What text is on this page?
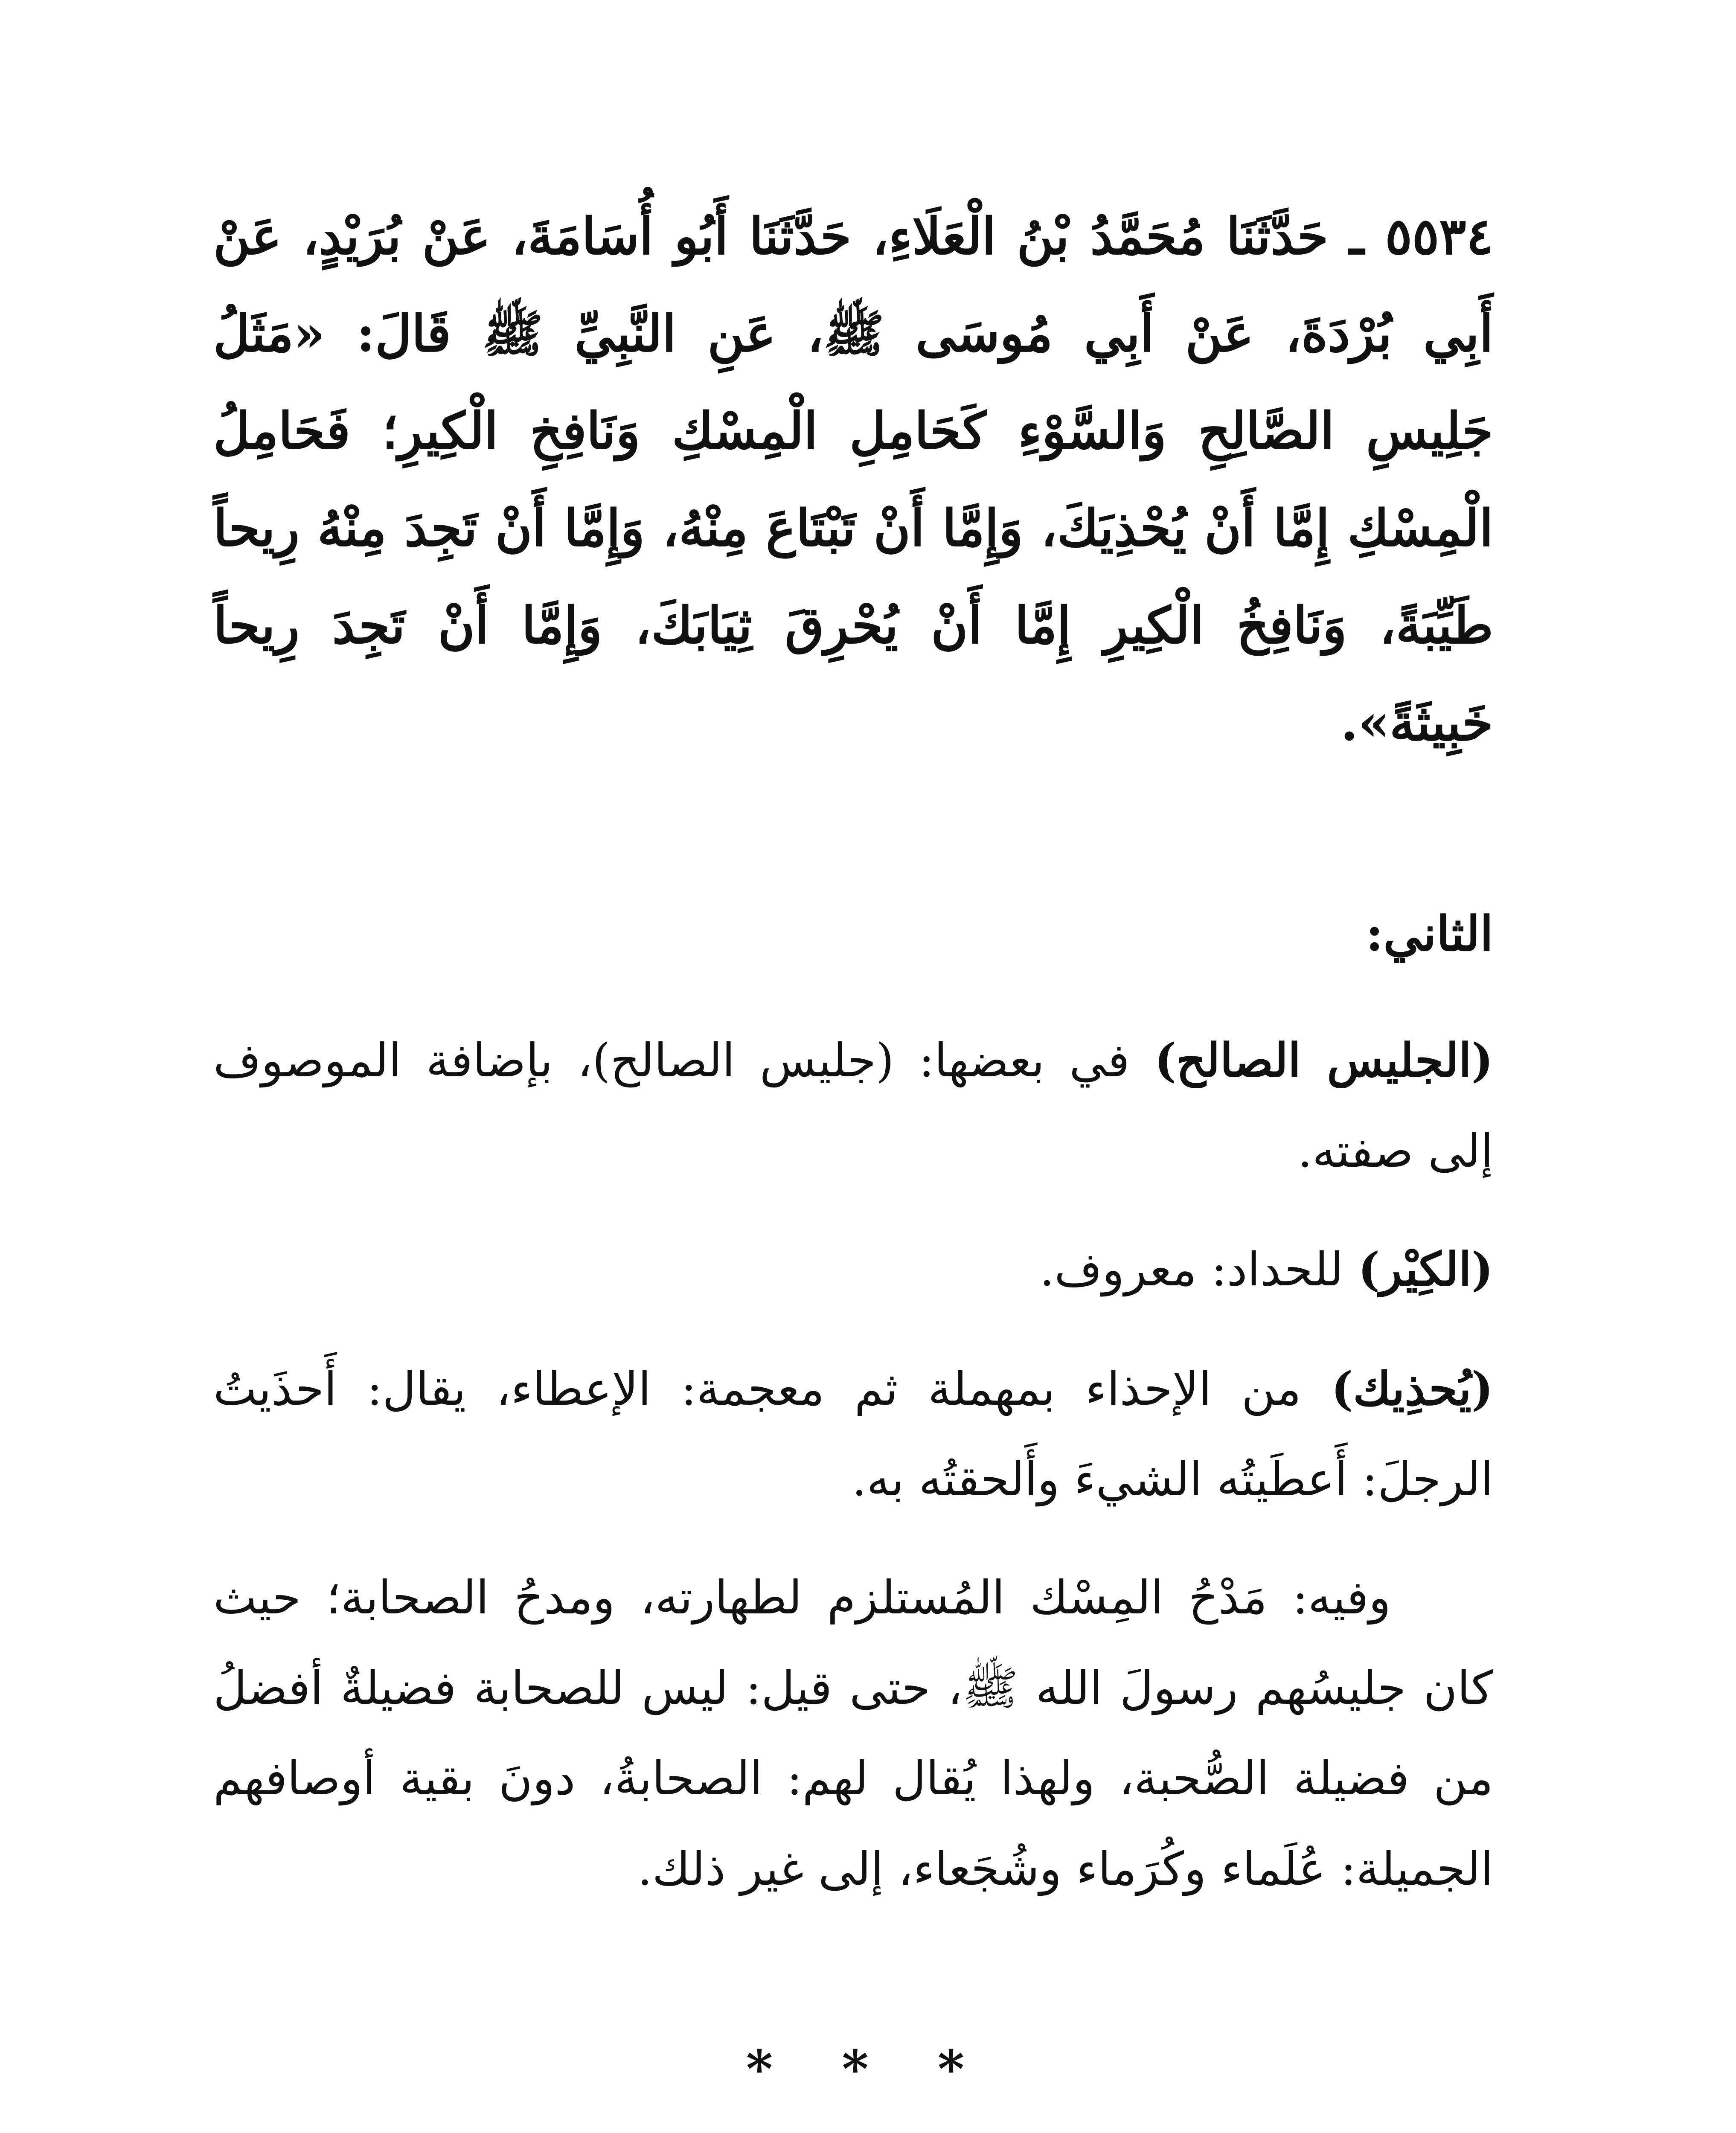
٥٥٣٤ ـ حَدَّثَنَا مُحَمَّدُ بْنُ الْعَلَاءِ، حَدَّثَنَا أَبُو أُسَامَةَ، عَنْ بُرَيْدٍ، عَنْ أَبِي بُرْدَةَ، عَنْ أَبِي مُوسَى ﷺ، عَنِ النَّبِيِّ ﷺ قَالَ: «مَثَلُ جَلِيسِ الصَّالِحِ وَالسَّوْءِ كَحَامِلِ الْمِسْكِ وَنَافِخِ الْكِيرِ؛ فَحَامِلُ الْمِسْكِ إِمَّا أَنْ يُحْذِيَكَ، وَإِمَّا أَنْ تَبْتَاعَ مِنْهُ، وَإِمَّا أَنْ تَجِدَ مِنْهُ رِيحاً طَيِّبَةً، وَنَافِخُ الْكِيرِ إِمَّا أَنْ يُحْرِقَ ثِيَابَكَ، وَإِمَّا أَنْ تَجِدَ رِيحاً خَبِيثَةً».

الثاني:

(الجليس الصالح) في بعضها: (جليس الصالح)، بإضافة الموصوف إلى صفته.

(الكِيْر) للحداد: معروف.

(يُحذِيك) من الإحذاء بمهملة ثم معجمة: الإعطاء، يقال: أَحذَيتُ الرجلَ: أَعطَيتُه الشيءَ وأَلحقتُه به.

وفيه: مَدْحُ المِسْك المُستلزم لطهارته، ومدحُ الصحابة؛ حيث كان جليسُهم رسولَ الله ﷺ، حتى قيل: ليس للصحابة فضيلةٌ أفضلُ من فضيلة الصُّحبة، ولهذا يُقال لهم: الصحابةُ، دونَ بقية أوصافهم الجميلة: عُلَماء وكُرَماء وشُجَعاء، إلى غير ذلك.

* * *
